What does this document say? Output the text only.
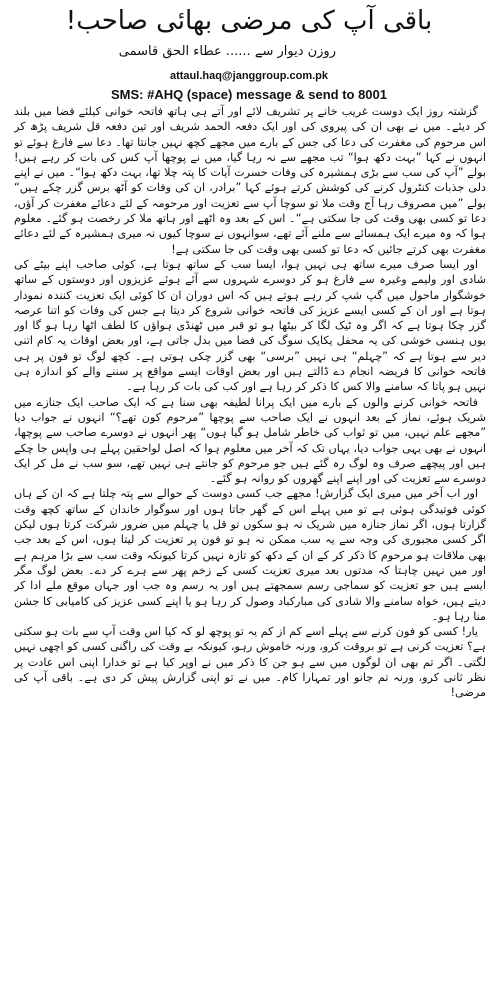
باقی آپ کی مرضی بھائی صاحب!
روزن دیوار سے ...... عطاء الحق قاسمی
attaul.haq@janggroup.com.pk
SMS: #AHQ (space) message & send to 8001

گزشتہ روز ایک دوست غریب خانے پر تشریف لائے اور آتے ہی ہاتھ فاتحہ خوانی کیلئے فضا میں بلند کر دیئے۔ میں نے بھی ان کی پیروی کی اور ایک دفعہ الحمد شریف اور تین دفعہ قل شریف پڑھ کر اس مرحوم کی مغفرت کی دعا کی جس کے بارے میں مجھے کچھ نہیں جانتا تھا۔ دعا سے فارغ ہوئے تو انہوں نے کہا ”بہت دکھ ہوا“ تب مجھے سے نہ رہا گیا، میں نے پوچھا آپ کس کی بات کر رہے ہیں! بولے ”آپ کی سب سے بڑی ہمشیرہ کی وفات حسرت آیات کا پتہ چلا تھا، بہت دکھ ہوا“۔ میں نے اپنے دلی جذبات کنٹرول کرنے کی کوشش کرتے ہوئے کہا ”برادر، ان کی وفات کو آٹھ برس گزر چکے ہیں“ بولے ”میں مصروف رہا آج وقت ملا تو سوچا آپ سے تعزیت اور مرحومہ کے لئے دعائے مغفرت کر آؤں، دعا تو کسی بھی وقت کی جا سکتی ہے“۔ اس کے بعد وہ اٹھے اور ہاتھ ملا کر رخصت ہو گئے۔ معلوم ہوا کہ وہ میرے ایک ہمسائے سے ملنے آئے تھے، سوانہوں نے سوچا کیوں نہ میری ہمشیرہ کے لئے دعائے مغفرت بھی کرتے جائیں کہ دعا تو کسی بھی وقت کی جا سکتی ہے!

اور ایسا صرف میرے ساتھ ہی نہیں ہوا، ایسا سب کے ساتھ ہوتا ہے، کوئی صاحب اپنے بیٹے کی شادی اور ولیمے وغیرہ سے فارغ ہو کر دوسرے شہروں سے آئے ہوئے عزیزوں اور دوستوں کے ساتھ خوشگوار ماحول میں گپ شپ کر رہے ہوتے ہیں کہ اس دوران ان کا کوئی ایک تعزیت کنندہ نمودار ہوتا ہے اور ان کے کسی ایسے عزیز کی فاتحہ خوانی شروع کر دیتا ہے جس کی وفات کو اتنا عرصہ گزر چکا ہوتا ہے کہ اگر وہ ٹیک لگا کر بیٹھا ہو تو قبر میں ٹھنڈی ہواؤں کا لطف اٹھا رہا ہو گا اور یوں ہنسی خوشی کی یہ محفل یکایک سوگ کی فضا میں بدل جاتی ہے، اور بعض اوقات یہ کام اتنی دیر سے ہوتا ہے کہ ”چہلم“ ہی نہیں ”برسی“ بھی گزر چکی ہوتی ہے۔ کچھ لوگ تو فون پر ہی فاتحہ خوانی کا فریضہ انجام دے ڈالتے ہیں اور بعض اوقات ایسے مواقع پر سننے والے کو اندازہ ہی نہیں ہو پاتا کہ سامنے والا کس کا ذکر کر رہا ہے اور کب کی بات کر رہا ہے۔

فاتحہ خوانی کرنے والوں کے بارے میں ایک پرانا لطیفہ بھی سنا ہے کہ ایک صاحب ایک جنازے میں شریک ہوئے، نماز کے بعد انہوں نے ایک صاحب سے پوچھا ”مرحوم کون تھے؟“ انہوں نے جواب دیا ”مجھے علم نہیں، میں تو ثواب کی خاطر شامل ہو گیا ہوں“ پھر انہوں نے دوسرے صاحب سے پوچھا، انہوں نے بھی یہی جواب دیا، یہاں تک کہ آخر میں معلوم ہوا کہ اصل لواحقین پہلے ہی واپس جا چکے ہیں اور پیچھے صرف وہ لوگ رہ گئے ہیں جو مرحوم کو جانتے ہی نہیں تھے، سو سب نے مل کر ایک دوسرے سے تعزیت کی اور اپنے اپنے گھروں کو روانہ ہو گئے۔

اور اب آخر میں میری ایک گزارش! مجھے جب کسی دوست کے حوالے سے پتہ چلتا ہے کہ ان کے ہاں کوئی فوتیدگی ہوئی ہے تو میں پہلے اس کے گھر جاتا ہوں اور سوگوار خاندان کے ساتھ کچھ وقت گزارتا ہوں، اگر نماز جنازہ میں شریک نہ ہو سکوں تو قل یا چہلم میں ضرور شرکت کرتا ہوں لیکن اگر کسی مجبوری کی وجہ سے یہ سب ممکن نہ ہو تو فون پر تعزیت کر لیتا ہوں، اس کے بعد جب بھی ملاقات ہو مرحوم کا ذکر کر کے ان کے دکھ کو تازہ نہیں کرتا کیونکہ وقت سب سے بڑا مرہم ہے اور میں نہیں چاہتا کہ مدتوں بعد میری تعزیت کسی کے زخم پھر سے ہرے کر دے۔ بعض لوگ مگر ایسے ہیں جو تعزیت کو سماجی رسم سمجھتے ہیں اور یہ رسم وہ جب اور جہاں موقع ملے ادا کر دیتے ہیں، خواہ سامنے والا شادی کی مبارکباد وصول کر رہا ہو یا اپنے کسی عزیز کی کامیابی کا جشن منا رہا ہو۔

یار! کسی کو فون کرنے سے پہلے اسے کم از کم یہ تو پوچھ لو کہ کیا اس وقت آپ سے بات ہو سکتی ہے؟ تعزیت کرنی ہے تو بروقت کرو، ورنہ خاموش رہو، کیونکہ بے وقت کی راگنی کسی کو اچھی نہیں لگتی۔ اگر تم بھی ان لوگوں میں سے ہو جن کا ذکر میں نے اوپر کیا ہے تو خدارا اپنی اس عادت پر نظر ثانی کرو، ورنہ تم جانو اور تمہارا کام۔ میں نے تو اپنی گزارش پیش کر دی ہے۔ باقی آپ کی مرضی!
